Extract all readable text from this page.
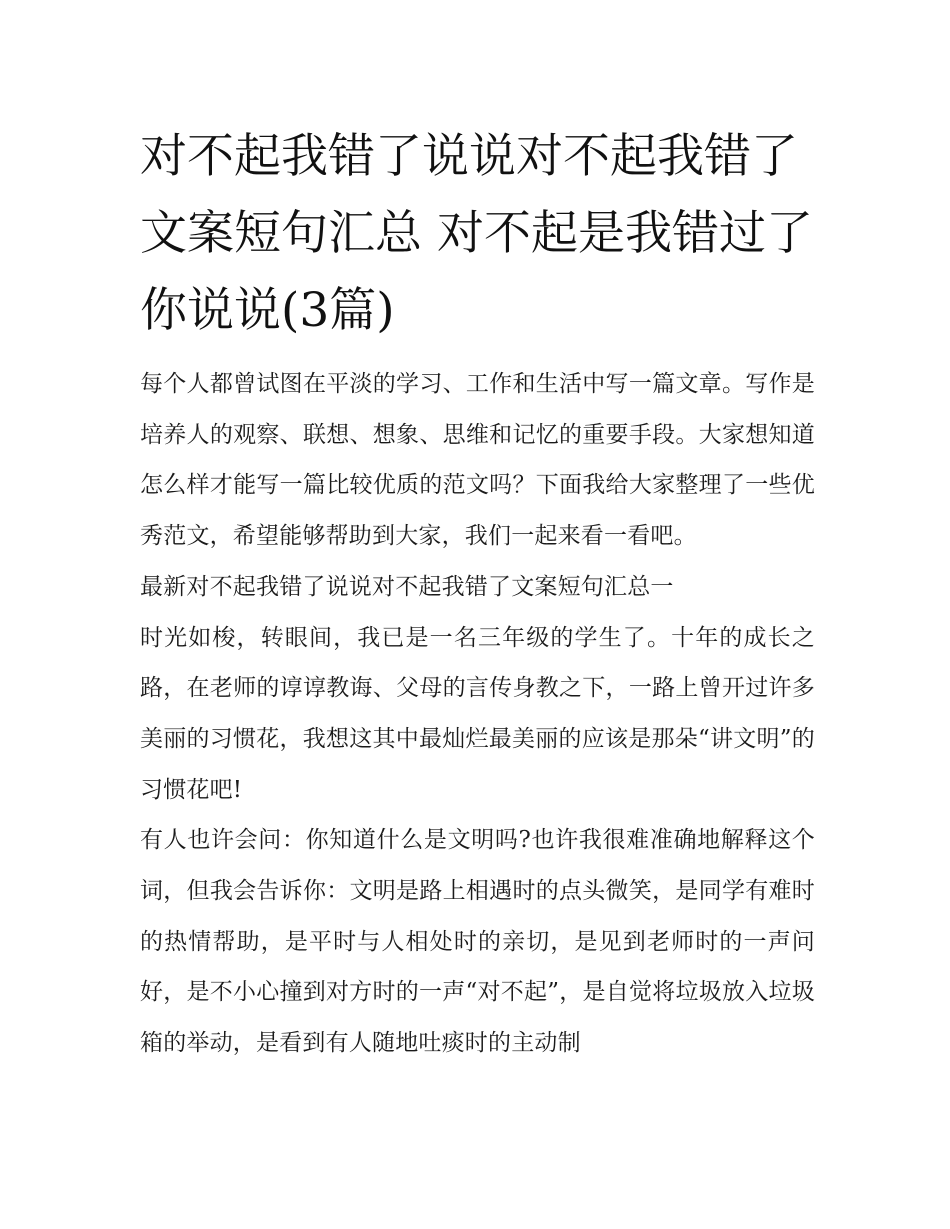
对不起我错了说说对不起我错了文案短句汇总 对不起是我错过了你说说(3篇)

每个人都曾试图在平淡的学习、工作和生活中写一篇文章。写作是培养人的观察、联想、想象、思维和记忆的重要手段。大家想知道怎么样才能写一篇比较优质的范文吗？下面我给大家整理了一些优秀范文，希望能够帮助到大家，我们一起来看一看吧。

最新对不起我错了说说对不起我错了文案短句汇总一

时光如梭，转眼间，我已是一名三年级的学生了。十年的成长之路，在老师的谆谆教诲、父母的言传身教之下，一路上曾开过许多美丽的习惯花，我想这其中最灿烂最美丽的应该是那朵“讲文明”的习惯花吧!

有人也许会问：你知道什么是文明吗?也许我很难准确地解释这个词，但我会告诉你：文明是路上相遇时的点头微笑，是同学有难时的热情帮助，是平时与人相处时的亲切，是见到老师时的一声问好，是不小心撞到对方时的一声“对不起”，是自觉将垃圾放入垃圾箱的举动，是看到有人随地吐痰时的主动制
